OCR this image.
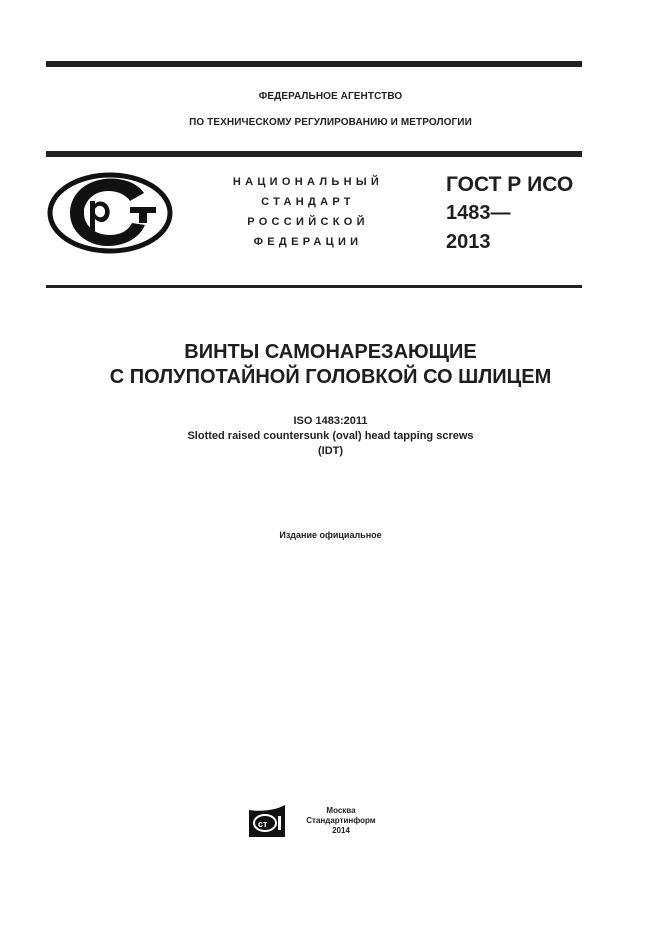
ФЕДЕРАЛЬНОЕ АГЕНТСТВО
ПО ТЕХНИЧЕСКОМУ РЕГУЛИРОВАНИЮ И МЕТРОЛОГИИ
НАЦИОНАЛЬНЫЙ
СТАНДАРТ
РОССИЙСКОЙ
ФЕДЕРАЦИИ
ГОСТ Р ИСО
1483—
2013
ВИНТЫ САМОНАРЕЗАЮЩИЕ
С ПОЛУПОТАЙНОЙ ГОЛОВКОЙ СО ШЛИЦЕМ
ISO 1483:2011
Slotted raised countersunk (oval) head tapping screws
(IDT)
Издание официальное
ст
Москва
Стандартинформ
2014
